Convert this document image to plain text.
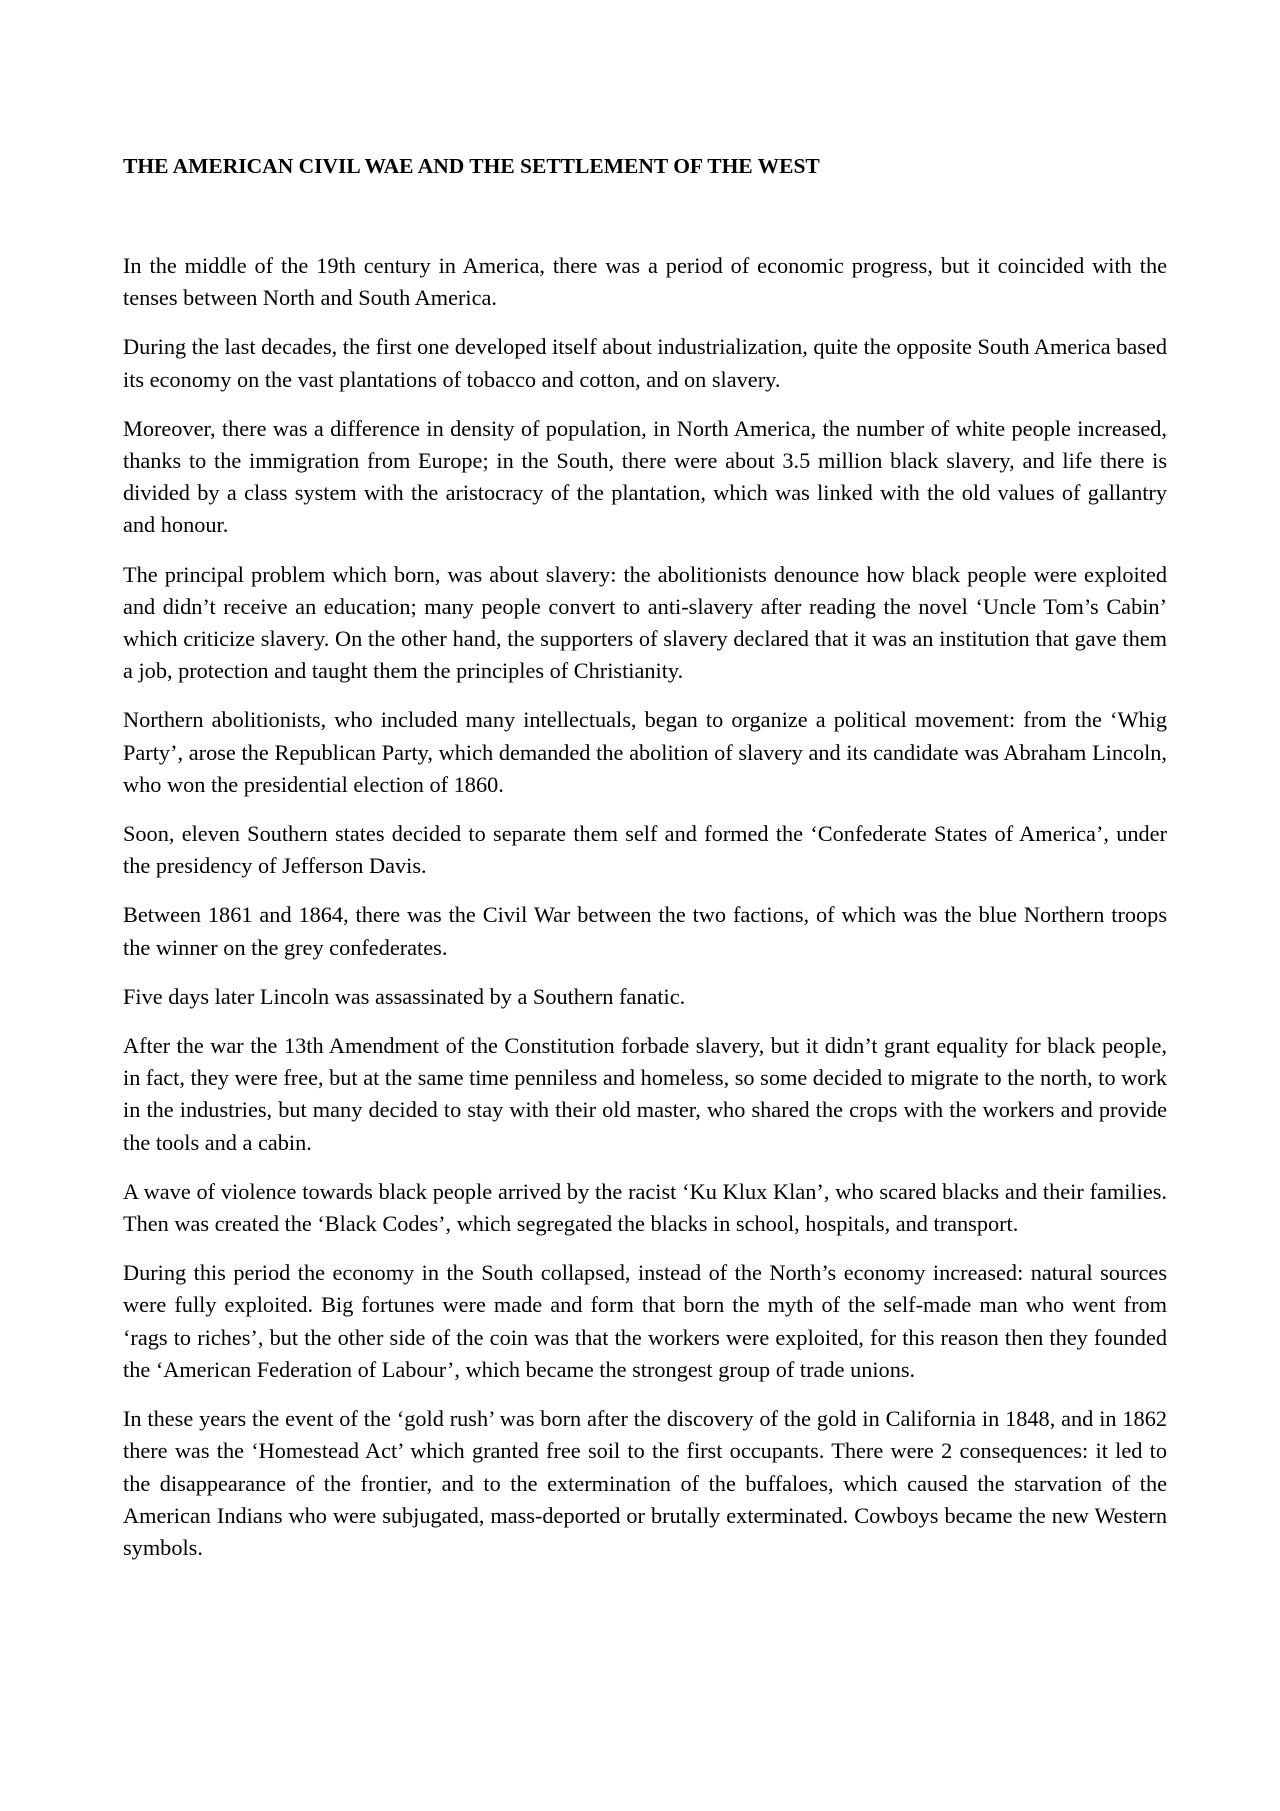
THE AMERICAN CIVIL WAE AND THE SETTLEMENT OF THE WEST

In the middle of the 19th century in America, there was a period of economic progress, but it coincided with the tenses between North and South America.

During the last decades, the first one developed itself about industrialization, quite the opposite South America based its economy on the vast plantations of tobacco and cotton, and on slavery.

Moreover, there was a difference in density of population, in North America, the number of white people increased, thanks to the immigration from Europe; in the South, there were about 3.5 million black slavery, and life there is divided by a class system with the aristocracy of the plantation, which was linked with the old values of gallantry and honour.

The principal problem which born, was about slavery: the abolitionists denounce how black people were exploited and didn’t receive an education; many people convert to anti-slavery after reading the novel ‘Uncle Tom’s Cabin’ which criticize slavery. On the other hand, the supporters of slavery declared that it was an institution that gave them a job, protection and taught them the principles of Christianity.

Northern abolitionists, who included many intellectuals, began to organize a political movement: from the ‘Whig Party’, arose the Republican Party, which demanded the abolition of slavery and its candidate was Abraham Lincoln, who won the presidential election of 1860.

Soon, eleven Southern states decided to separate them self and formed the ‘Confederate States of America’, under the presidency of Jefferson Davis.

Between 1861 and 1864, there was the Civil War between the two factions, of which was the blue Northern troops the winner on the grey confederates.

Five days later Lincoln was assassinated by a Southern fanatic.

After the war the 13th Amendment of the Constitution forbade slavery, but it didn’t grant equality for black people, in fact, they were free, but at the same time penniless and homeless, so some decided to migrate to the north, to work in the industries, but many decided to stay with their old master, who shared the crops with the workers and provide the tools and a cabin.

A wave of violence towards black people arrived by the racist ‘Ku Klux Klan’, who scared blacks and their families. Then was created the ‘Black Codes’, which segregated the blacks in school, hospitals, and transport.

During this period the economy in the South collapsed, instead of the North’s economy increased: natural sources were fully exploited. Big fortunes were made and form that born the myth of the self-made man who went from ‘rags to riches’, but the other side of the coin was that the workers were exploited, for this reason then they founded the ‘American Federation of Labour’, which became the strongest group of trade unions.

In these years the event of the ‘gold rush’ was born after the discovery of the gold in California in 1848, and in 1862 there was the ‘Homestead Act’ which granted free soil to the first occupants. There were 2 consequences: it led to the disappearance of the frontier, and to the extermination of the buffaloes, which caused the starvation of the American Indians who were subjugated, mass-deported or brutally exterminated. Cowboys became the new Western symbols.
